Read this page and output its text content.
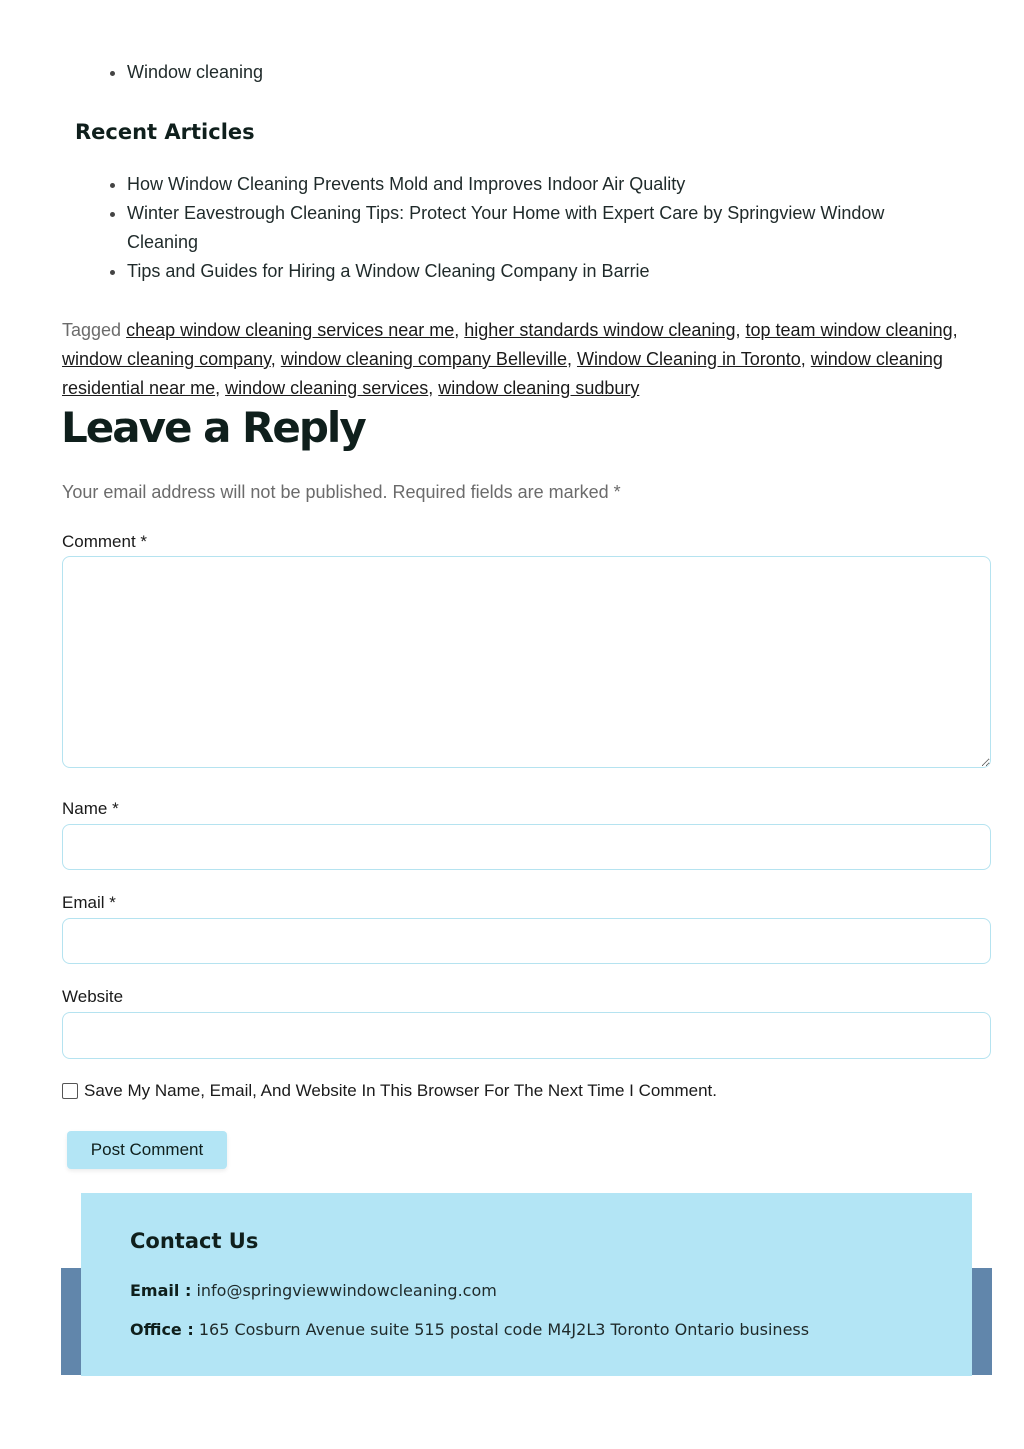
• Window cleaning
Recent Articles
• How Window Cleaning Prevents Mold and Improves Indoor Air Quality
• Winter Eavestrough Cleaning Tips: Protect Your Home with Expert Care by Springview Window Cleaning
• Tips and Guides for Hiring a Window Cleaning Company in Barrie
Tagged cheap window cleaning services near me, higher standards window cleaning, top team window cleaning, window cleaning company, window cleaning company Belleville, Window Cleaning in Toronto, window cleaning residential near me, window cleaning services, window cleaning sudbury
Leave a Reply
Your email address will not be published. Required fields are marked *
Comment *
Name *
Email *
Website
Save My Name, Email, And Website In This Browser For The Next Time I Comment.
Post Comment
Contact Us
Email : info@springviewwindowcleaning.com
Office : 165 Cosburn Avenue suite 515 postal code M4J2L3 Toronto Ontario business
